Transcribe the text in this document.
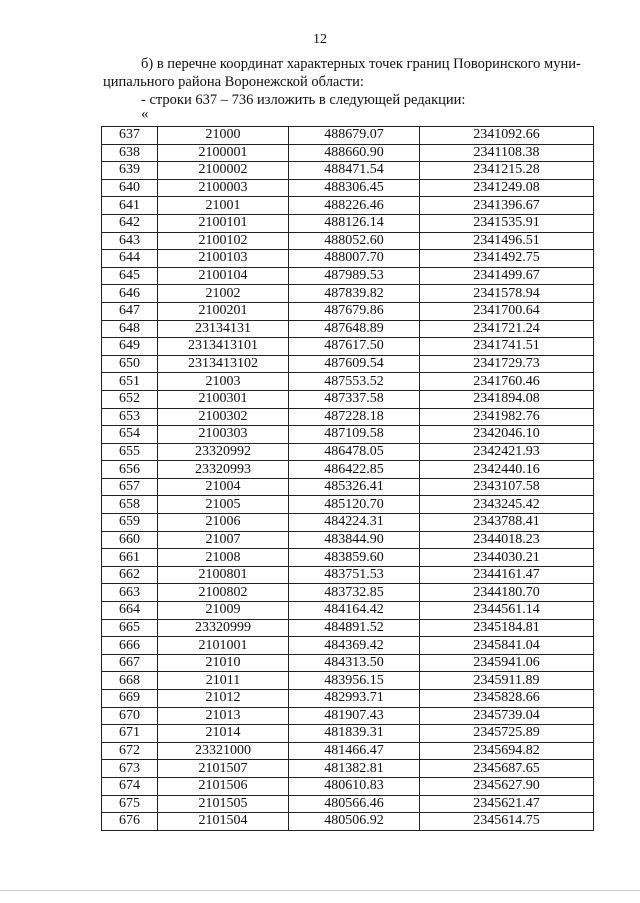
12

б) в перечне координат характерных точек границ Поворинского муни-

ципального района Воронежской области:

- строки 637 – 736 изложить в следующей редакции:

«
637	21000	488679.07	2341092.66
638	2100001	488660.90	2341108.38
639	2100002	488471.54	2341215.28
640	2100003	488306.45	2341249.08
641	21001	488226.46	2341396.67
642	2100101	488126.14	2341535.91
643	2100102	488052.60	2341496.51
644	2100103	488007.70	2341492.75
645	2100104	487989.53	2341499.67
646	21002	487839.82	2341578.94
647	2100201	487679.86	2341700.64
648	23134131	487648.89	2341721.24
649	2313413101	487617.50	2341741.51
650	2313413102	487609.54	2341729.73
651	21003	487553.52	2341760.46
652	2100301	487337.58	2341894.08
653	2100302	487228.18	2341982.76
654	2100303	487109.58	2342046.10
655	23320992	486478.05	2342421.93
656	23320993	486422.85	2342440.16
657	21004	485326.41	2343107.58
658	21005	485120.70	2343245.42
659	21006	484224.31	2343788.41
660	21007	483844.90	2344018.23
661	21008	483859.60	2344030.21
662	2100801	483751.53	2344161.47
663	2100802	483732.85	2344180.70
664	21009	484164.42	2344561.14
665	23320999	484891.52	2345184.81
666	2101001	484369.42	2345841.04
667	21010	484313.50	2345941.06
668	21011	483956.15	2345911.89
669	21012	482993.71	2345828.66
670	21013	481907.43	2345739.04
671	21014	481839.31	2345725.89
672	23321000	481466.47	2345694.82
673	2101507	481382.81	2345687.65
674	2101506	480610.83	2345627.90
675	2101505	480566.46	2345621.47
676	2101504	480506.92	2345614.75
